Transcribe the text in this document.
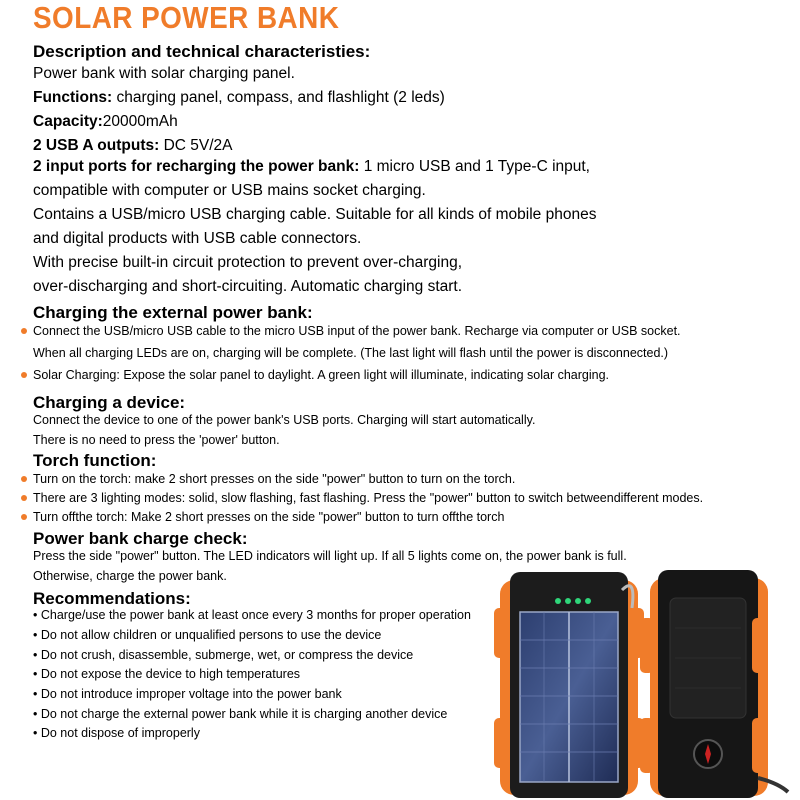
SOLAR POWER BANK
Description and technical characteristies:
Power bank with solar charging panel.
Functions: charging panel, compass, and flashlight (2 leds)
Capacity:20000mAh
2 USB A outputs: DC 5V/2A
2 input ports for recharging the power bank: 1 micro USB and 1 Type-C input,
compatible with computer or USB mains socket charging.
Contains a USB/micro USB charging cable. Suitable for all kinds of mobile phones
and digital products with USB cable connectors.
With precise built-in circuit protection to prevent over-charging,
over-discharging and short-circuiting. Automatic charging start.
Charging the external power bank:
Connect the USB/micro USB cable to the micro USB input of the power bank. Recharge via computer or USB socket.
When all charging LEDs are on, charging will be complete. (The last light will flash until the power is disconnected.)
Solar Charging: Expose the solar panel to daylight. A green light will illuminate, indicating solar charging.
Charging a device:
Connect the device to one of the power bank's USB ports. Charging will start automatically.
There is no need to press the 'power' button.
Torch function:
Turn on the torch: make 2 short presses on the side "power" button to turn on the torch.
There are 3 lighting modes: solid, slow flashing, fast flashing. Press the "power" button to switch betweendifferent modes.
Turn offthe torch: Make 2 short presses on the side "power" button to turn offthe torch
Power bank charge check:
Press the side "power" button. The LED indicators will light up. If all 5 lights come on, the power bank is full.
Otherwise, charge the power bank.
Recommendations:
• Charge/use the power bank at least once every 3 months for proper operation
• Do not allow children or unqualified persons to use the device
• Do not crush, disassemble, submerge, wet, or compress the device
• Do not expose the device to high temperatures
• Do not introduce improper voltage into the power bank
• Do not charge the external power bank while it is charging another device
• Do not dispose of improperly
